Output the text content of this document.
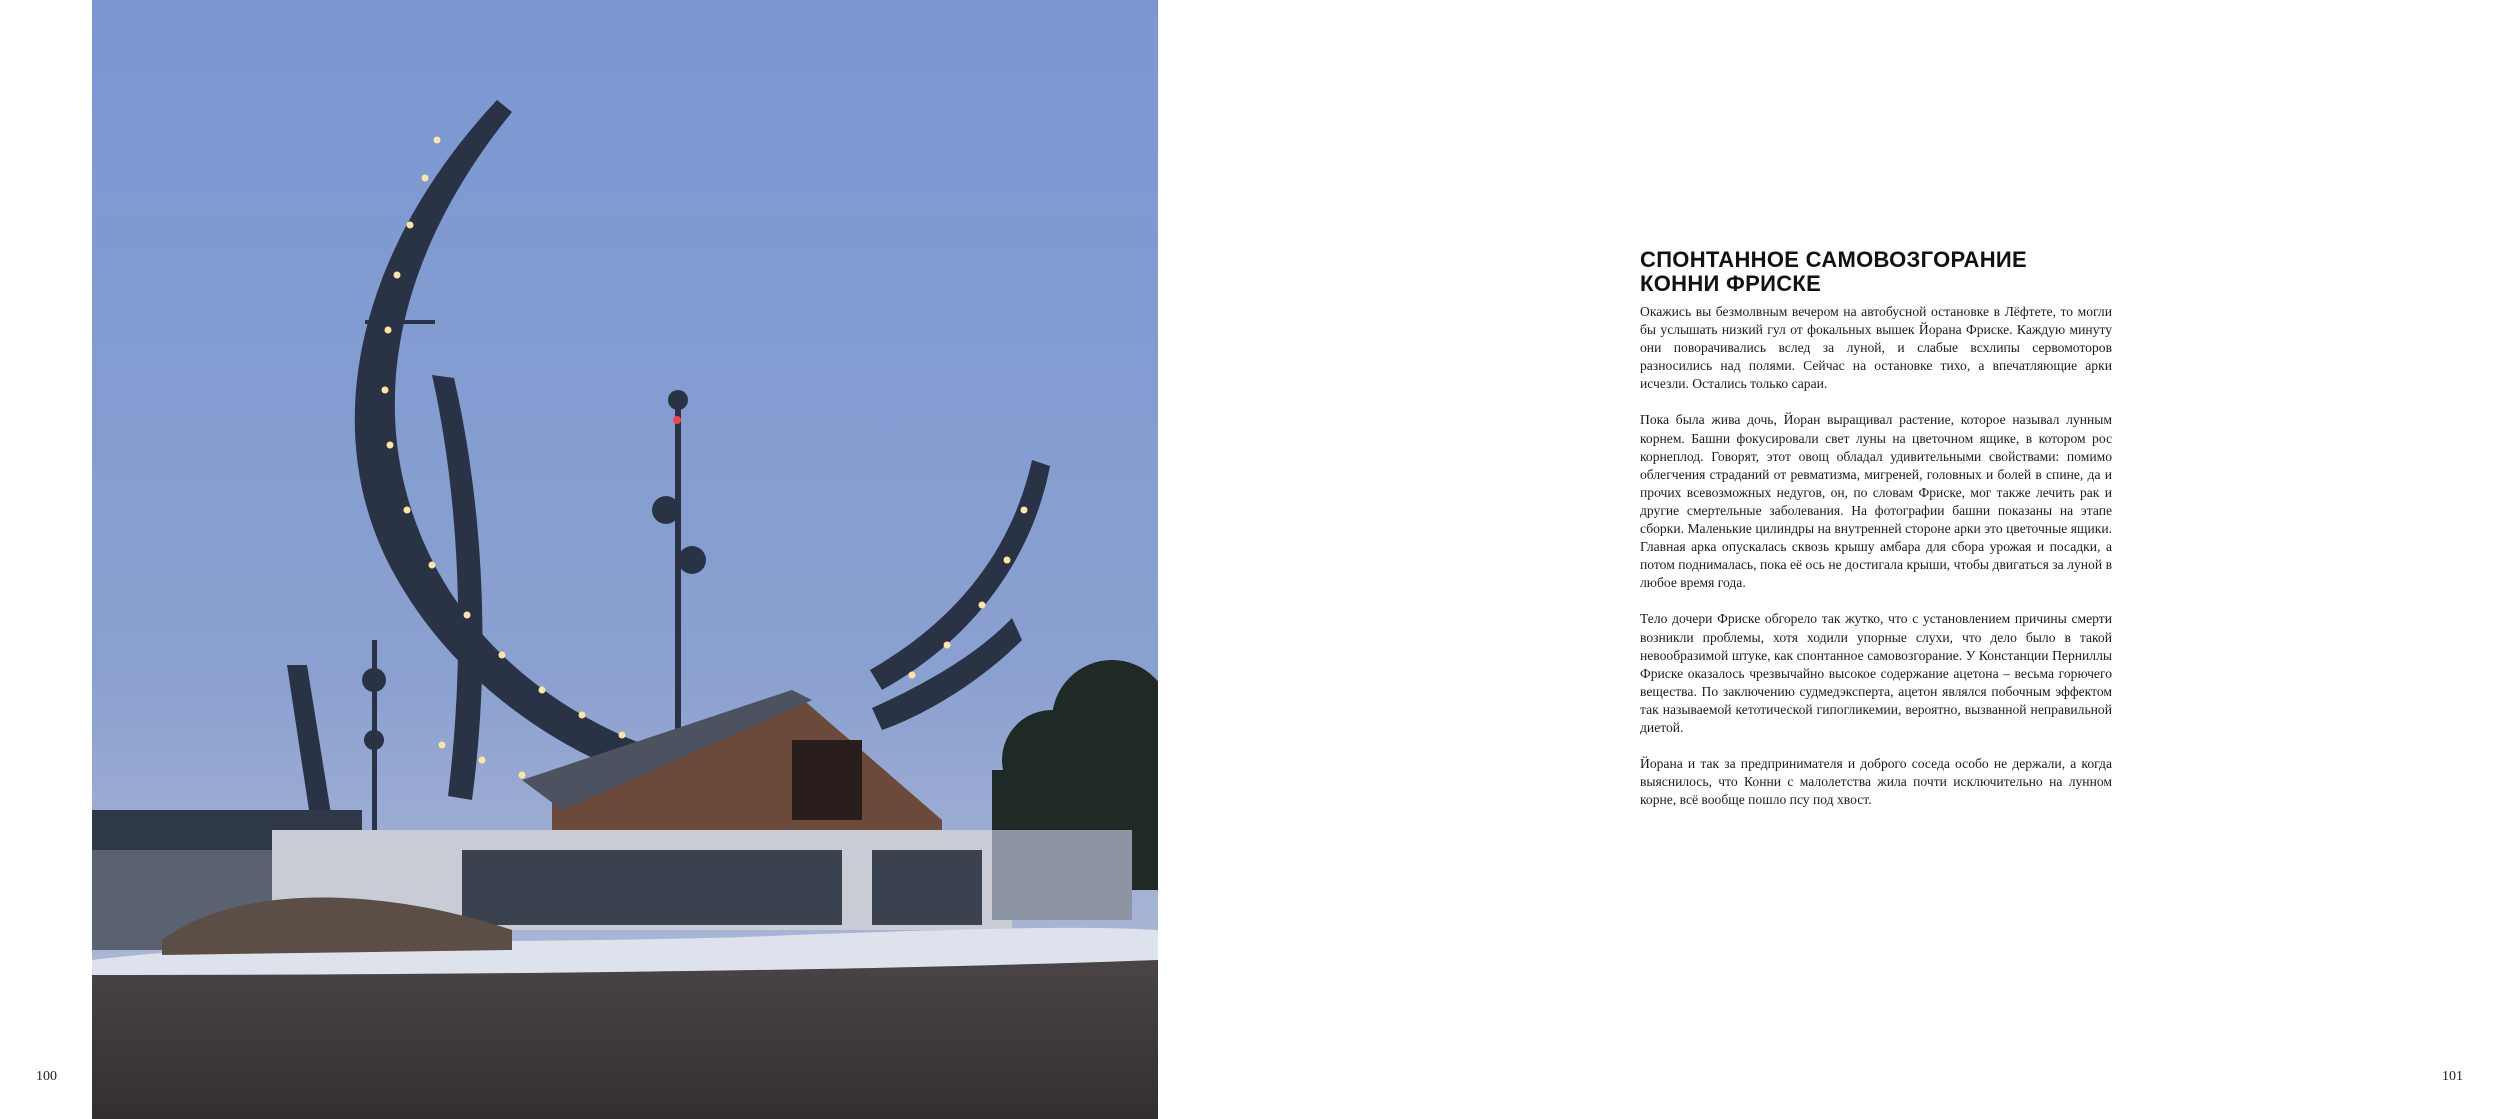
100
СПОНТАННОЕ САМОВОЗГОРАНИЕ
КОННИ ФРИСКЕ

Окажись вы безмолвным вечером на автобусной остановке в Лёфтете, то могли бы услышать низкий гул от фокальных вышек Йорана Фриске. Каждую минуту они поворачивались вслед за луной, и слабые всхлипы сервомоторов разносились над полями. Сейчас на остановке тихо, а впечатляющие арки исчезли. Остались только сараи.

Пока была жива дочь, Йоран выращивал растение, которое называл лунным корнем. Башни фокусировали свет луны на цветочном ящике, в котором рос корнеплод. Говорят, этот овощ обладал удивительными свойствами: помимо облегчения страданий от ревматизма, мигреней, головных и болей в спине, да и прочих всевозможных недугов, он, по словам Фриске, мог также лечить рак и другие смертельные заболевания. На фотографии башни показаны на этапе сборки. Маленькие цилиндры на внутренней стороне арки это цветочные ящики. Главная арка опускалась сквозь крышу амбара для сбора урожая и посадки, а потом поднималась, пока её ось не достигала крыши, чтобы двигаться за луной в любое время года.

Тело дочери Фриске обгорело так жутко, что с установлением причины смерти возникли проблемы, хотя ходили упорные слухи, что дело было в такой невообразимой штуке, как спонтанное самовозгорание. У Констанции Перниллы Фриске оказалось чрезвычайно высокое содержание ацетона – весьма горючего вещества. По заключению судмедэксперта, ацетон являлся побочным эффектом так называемой кетотической гипогликемии, вероятно, вызванной неправильной диетой.

Йорана и так за предпринимателя и доброго соседа особо не держали, а когда выяснилось, что Конни с малолетства жила почти исключительно на лунном корне, всё вообще пошло псу под хвост.

101
